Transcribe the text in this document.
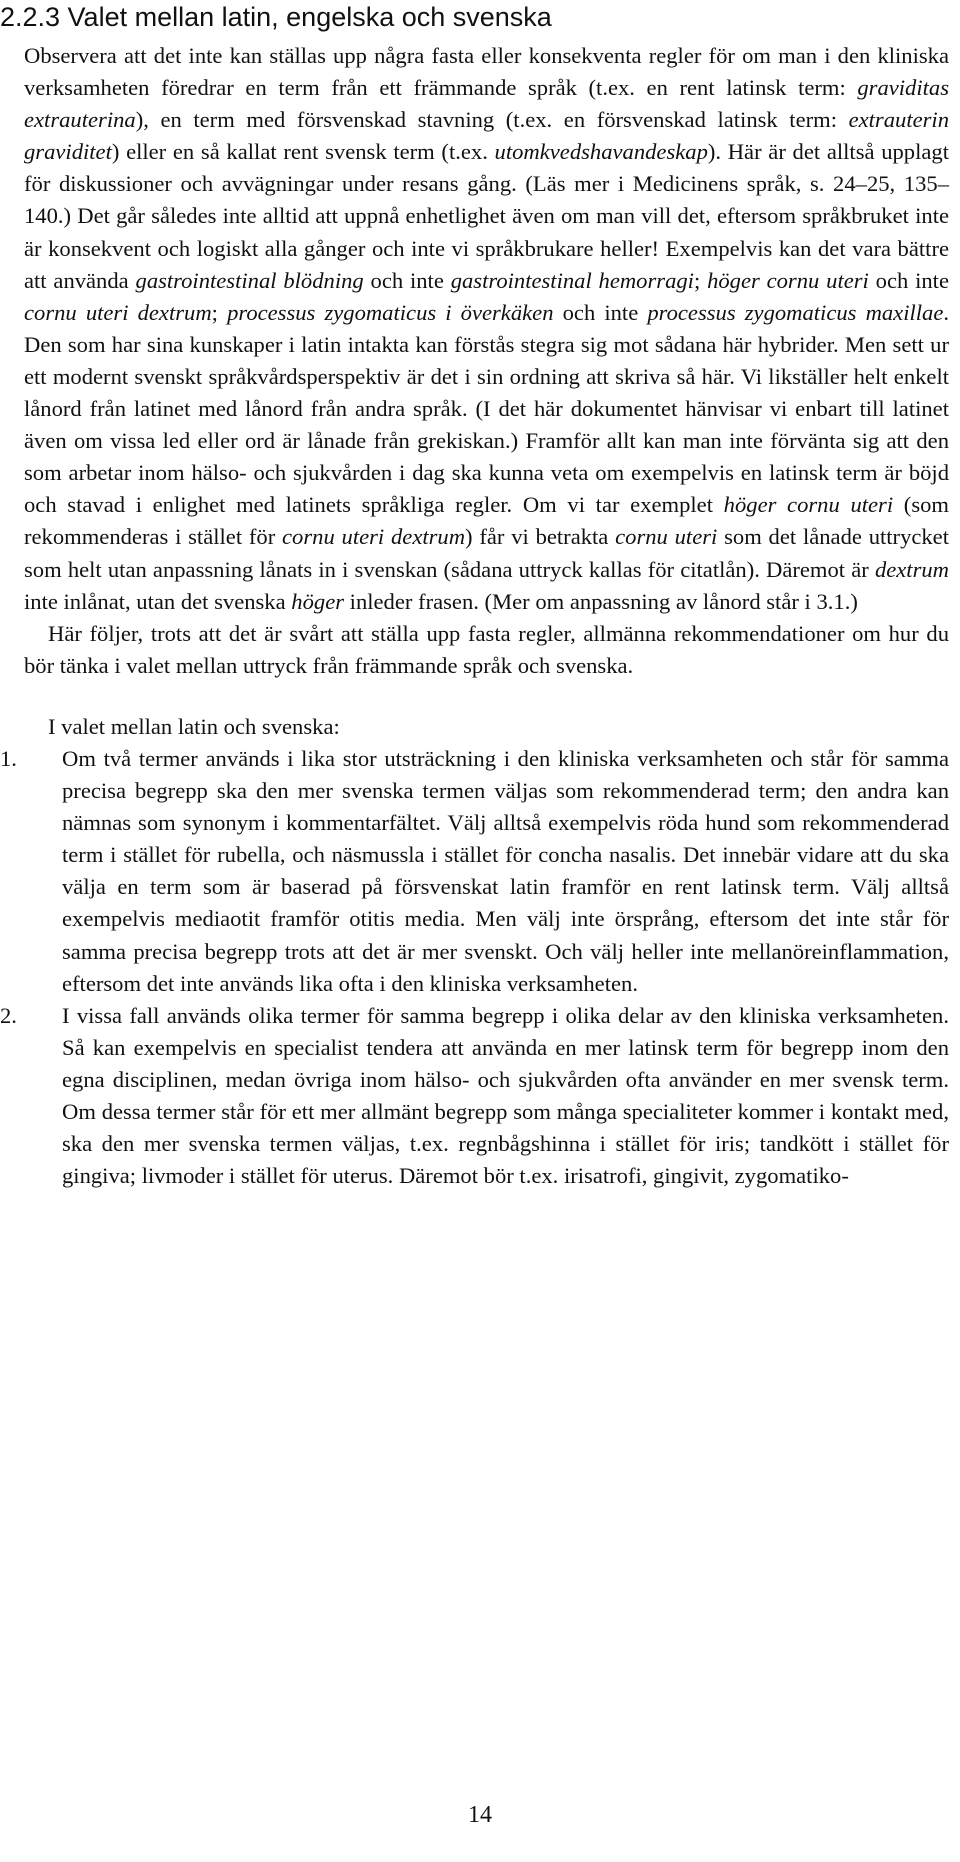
2.2.3 Valet mellan latin, engelska och svenska

Observera att det inte kan ställas upp några fasta eller konsekventa regler för om man i den kliniska verksamheten föredrar en term från ett främmande språk (t.ex. en rent latinsk term: graviditas extrauterina), en term med försvenskad stavning (t.ex. en försvenskad latinsk term: extrauterin graviditet) eller en så kallat rent svensk term (t.ex. utomkvedshavandeskap). Här är det alltså upplagt för diskussioner och avvägningar under resans gång. (Läs mer i Medicinens språk, s. 24–25, 135–140.) Det går således inte alltid att uppnå enhetlighet även om man vill det, eftersom språkbruket inte är konsekvent och logiskt alla gånger och inte vi språkbrukare heller! Exempelvis kan det vara bättre att använda gastrointestinal blödning och inte gastrointestinal hemorragi; höger cornu uteri och inte cornu uteri dextrum; processus zygomaticus i överkäken och inte processus zygomaticus maxillae. Den som har sina kunskaper i latin intakta kan förstås stegra sig mot sådana här hybrider. Men sett ur ett modernt svenskt språkvårdsperspektiv är det i sin ordning att skriva så här. Vi likställer helt enkelt lånord från latinet med lånord från andra språk. (I det här dokumentet hänvisar vi enbart till latinet även om vissa led eller ord är lånade från grekiskan.) Framför allt kan man inte förvänta sig att den som arbetar inom hälso- och sjukvården i dag ska kunna veta om exempelvis en latinsk term är böjd och stavad i enlighet med latinets språkliga regler. Om vi tar exemplet höger cornu uteri (som rekommenderas i stället för cornu uteri dextrum) får vi betrakta cornu uteri som det lånade uttrycket som helt utan anpassning lånats in i svenskan (sådana uttryck kallas för citatlån). Däremot är dextrum inte inlånat, utan det svenska höger inleder frasen. (Mer om anpassning av lånord står i 3.1.)

Här följer, trots att det är svårt att ställa upp fasta regler, allmänna rekommendationer om hur du bör tänka i valet mellan uttryck från främmande språk och svenska.

I valet mellan latin och svenska:

1. Om två termer används i lika stor utsträckning i den kliniska verksamheten och står för samma precisa begrepp ska den mer svenska termen väljas som rekommenderad term; den andra kan nämnas som synonym i kommentarfältet. Välj alltså exempelvis röda hund som rekommenderad term i stället för rubella, och näsmussla i stället för concha nasalis. Det innebär vidare att du ska välja en term som är baserad på försvenskat latin framför en rent latinsk term. Välj alltså exempelvis mediaotit framför otitis media. Men välj inte örsprång, eftersom det inte står för samma precisa begrepp trots att det är mer svenskt. Och välj heller inte mellanöreinflammation, eftersom det inte används lika ofta i den kliniska verksamheten.
2. I vissa fall används olika termer för samma begrepp i olika delar av den kliniska verksamheten. Så kan exempelvis en specialist tendera att använda en mer latinsk term för begrepp inom den egna disciplinen, medan övriga inom hälso- och sjukvården ofta använder en mer svensk term. Om dessa termer står för ett mer allmänt begrepp som många specialiteter kommer i kontakt med, ska den mer svenska termen väljas, t.ex. regnbågshinna i stället för iris; tandkött i stället för gingiva; livmoder i stället för uterus. Däremot bör t.ex. irisatrofi, gingivit, zygomatiko-
14
